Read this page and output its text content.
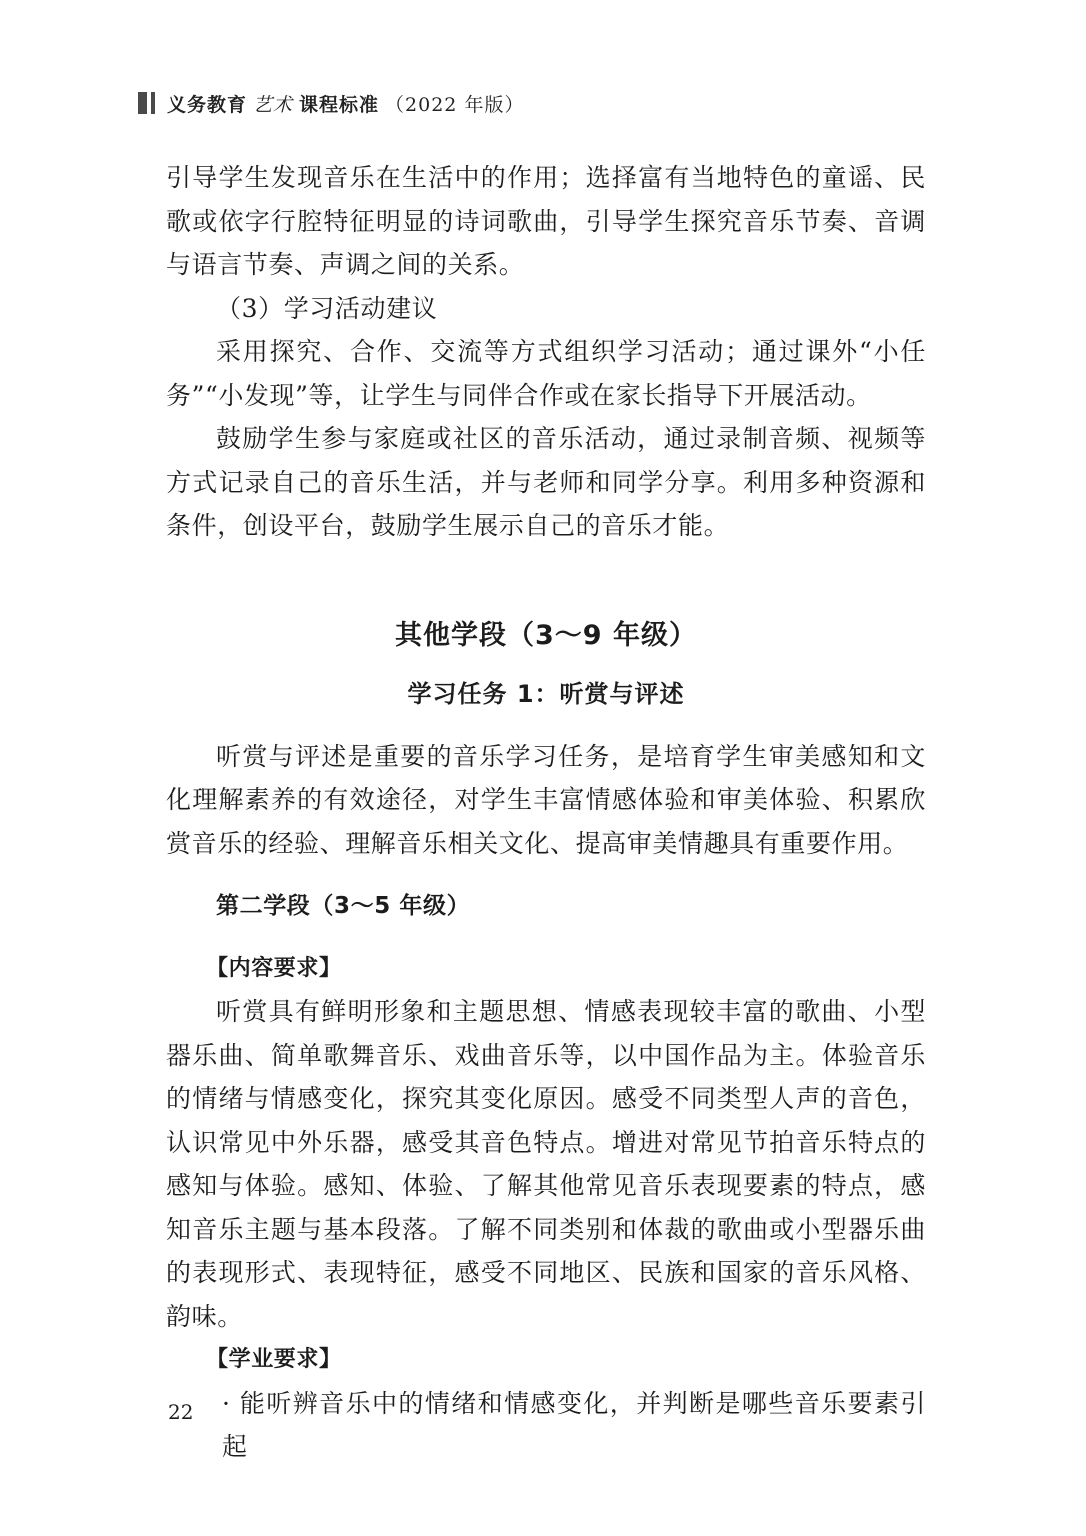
义务教育 艺术 课程标准 （2022 年版）

引导学生发现音乐在生活中的作用；选择富有当地特色的童谣、民歌或依字行腔特征明显的诗词歌曲，引导学生探究音乐节奏、音调与语言节奏、声调之间的关系。

（3）学习活动建议

采用探究、合作、交流等方式组织学习活动；通过课外“小任务”“小发现”等，让学生与同伴合作或在家长指导下开展活动。

鼓励学生参与家庭或社区的音乐活动，通过录制音频、视频等方式记录自己的音乐生活，并与老师和同学分享。利用多种资源和条件，创设平台，鼓励学生展示自己的音乐才能。

其他学段（3～9 年级）

学习任务 1：听赏与评述

听赏与评述是重要的音乐学习任务，是培育学生审美感知和文化理解素养的有效途径，对学生丰富情感体验和审美体验、积累欣赏音乐的经验、理解音乐相关文化、提高审美情趣具有重要作用。

第二学段（3～5 年级）

【内容要求】

听赏具有鲜明形象和主题思想、情感表现较丰富的歌曲、小型器乐曲、简单歌舞音乐、戏曲音乐等，以中国作品为主。体验音乐的情绪与情感变化，探究其变化原因。感受不同类型人声的音色，认识常见中外乐器，感受其音色特点。增进对常见节拍音乐特点的感知与体验。感知、体验、了解其他常见音乐表现要素的特点，感知音乐主题与基本段落。了解不同类别和体裁的歌曲或小型器乐曲的表现形式、表现特征，感受不同地区、民族和国家的音乐风格、韵味。

【学业要求】

· 能听辨音乐中的情绪和情感变化，并判断是哪些音乐要素引起

22
